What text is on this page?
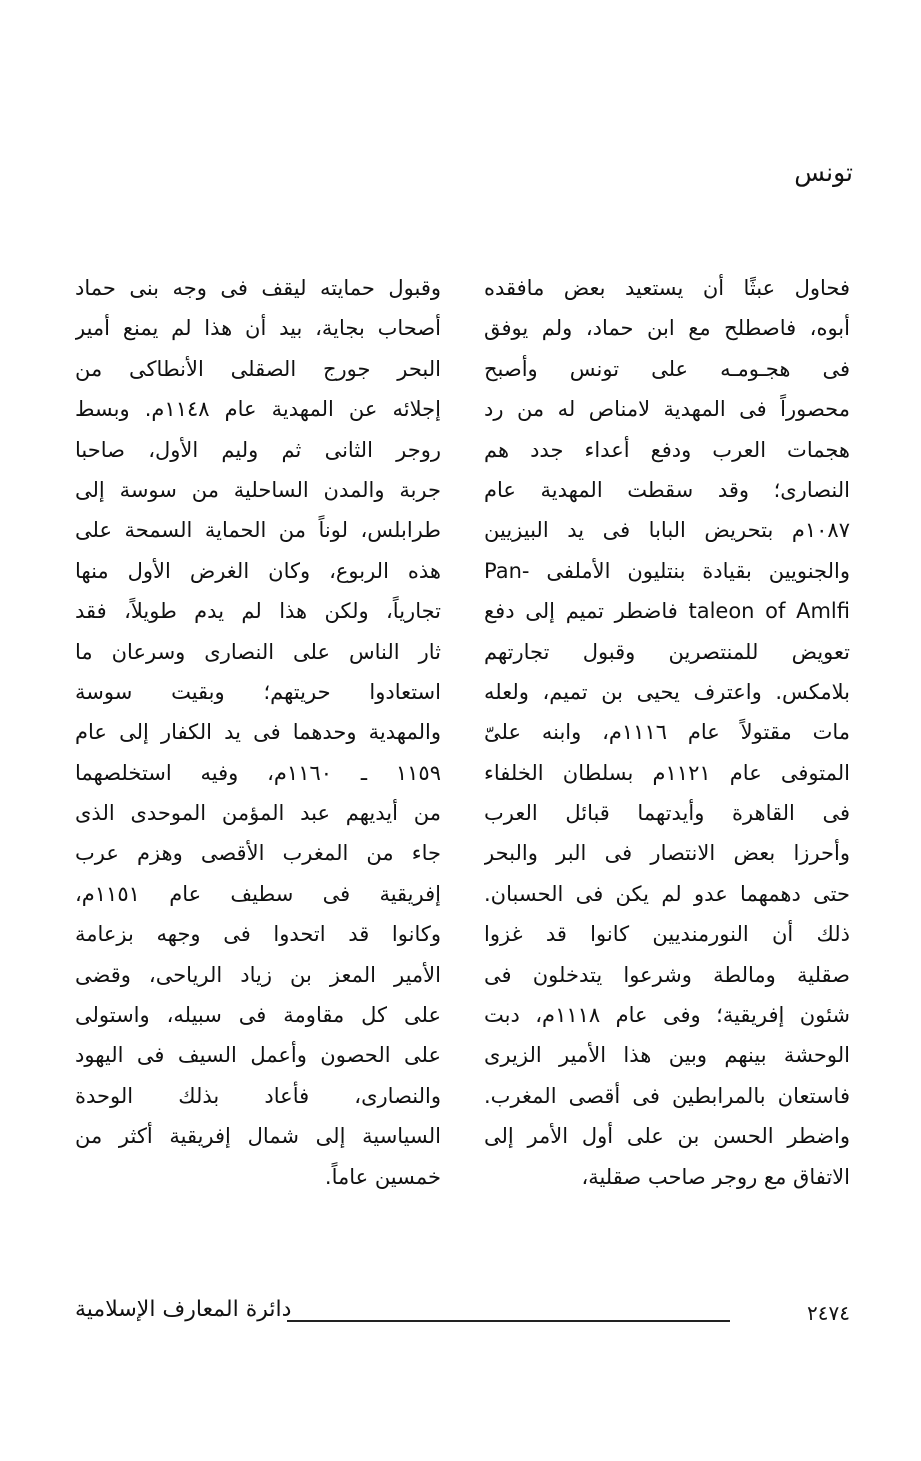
تونس
فحاول عبثًا أن يستعيد بعض مافقده
أبوه، فاصطلح مع ابن حماد، ولم يوفق
فى هجـومـه على تونس وأصبح
محصوراً فى المهدية لامناص له من رد
هجمات العرب ودفع أعداء جدد هم
النصارى؛ وقد سقطت المهدية عام
١٠٨٧م بتحريض البابا فى يد البيزيين
والجنويين بقيادة بنتليون الأملفى -Pan
taleon of Amlfi فاضطر تميم إلى دفع
تعويض للمنتصرين وقبول تجارتهم
بلامكس. واعترف يحيى بن تميم، ولعله
مات مقتولاً عام ١١١٦م، وابنه علىّ
المتوفى عام ١١٢١م بسلطان الخلفاء
فى القاهرة وأيدتهما قبائل العرب
وأحرزا بعض الانتصار فى البر والبحر
حتى دهمهما عدو لم يكن فى الحسبان.
ذلك أن النورمنديين كانوا قد غزوا
صقلية ومالطة وشرعوا يتدخلون فى
شئون إفريقية؛ وفى عام ١١١٨م، دبت
الوحشة بينهم وبين هذا الأمير الزيرى
فاستعان بالمرابطين فى أقصى المغرب.
واضطر الحسن بن على أول الأمر إلى
الاتفاق مع روجر صاحب صقلية،
وقبول حمايته ليقف فى وجه بنى حماد
أصحاب بجاية، بيد أن هذا لم يمنع أمير
البحر جورج الصقلى الأنطاكى من
إجلائه عن المهدية عام ١١٤٨م. وبسط
روجر الثانى ثم وليم الأول، صاحبا
جربة والمدن الساحلية من سوسة إلى
طرابلس، لوناً من الحماية السمحة على
هذه الربوع، وكان الغرض الأول منها
تجارياً، ولكن هذا لم يدم طويلاً، فقد
ثار الناس على النصارى وسرعان ما
استعادوا حريتهم؛ وبقيت سوسة
والمهدية وحدهما فى يد الكفار إلى عام
١١٥٩ ـ ١١٦٠م، وفيه استخلصهما
من أيديهم عبد المؤمن الموحدى الذى
جاء من المغرب الأقصى وهزم عرب
إفريقية فى سطيف عام ١١٥١م،
وكانوا قد اتحدوا فى وجهه بزعامة
الأمير المعز بن زياد الرياحى، وقضى
على كل مقاومة فى سبيله، واستولى
على الحصون وأعمل السيف فى اليهود
والنصارى، فأعاد بذلك الوحدة
السياسية إلى شمال إفريقية أكثر من
خمسين عاماً.
٢٤٧٤
دائرة المعارف الإسلامية
